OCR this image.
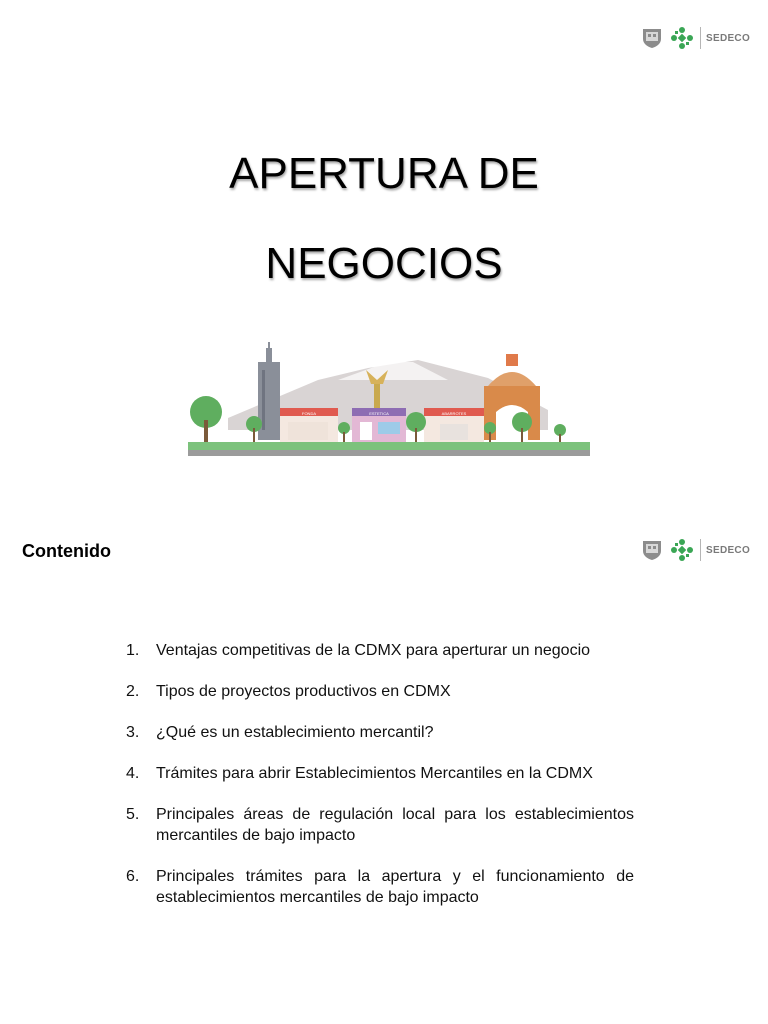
SEDECO
APERTURA DE
NEGOCIOS
FONDA	ESTETICA	ABARROTES
Contenido	SEDECO
1.	Ventajas competitivas de la CDMX para aperturar un negocio
2.	Tipos de proyectos productivos en CDMX
3.	¿Qué es un establecimiento mercantil?
4.	Trámites para abrir Establecimientos Mercantiles en la CDMX
5.	Principales áreas de regulación local para los establecimientos mercantiles de bajo impacto
6.	Principales trámites para la apertura y el funcionamiento de establecimientos mercantiles de bajo impacto
